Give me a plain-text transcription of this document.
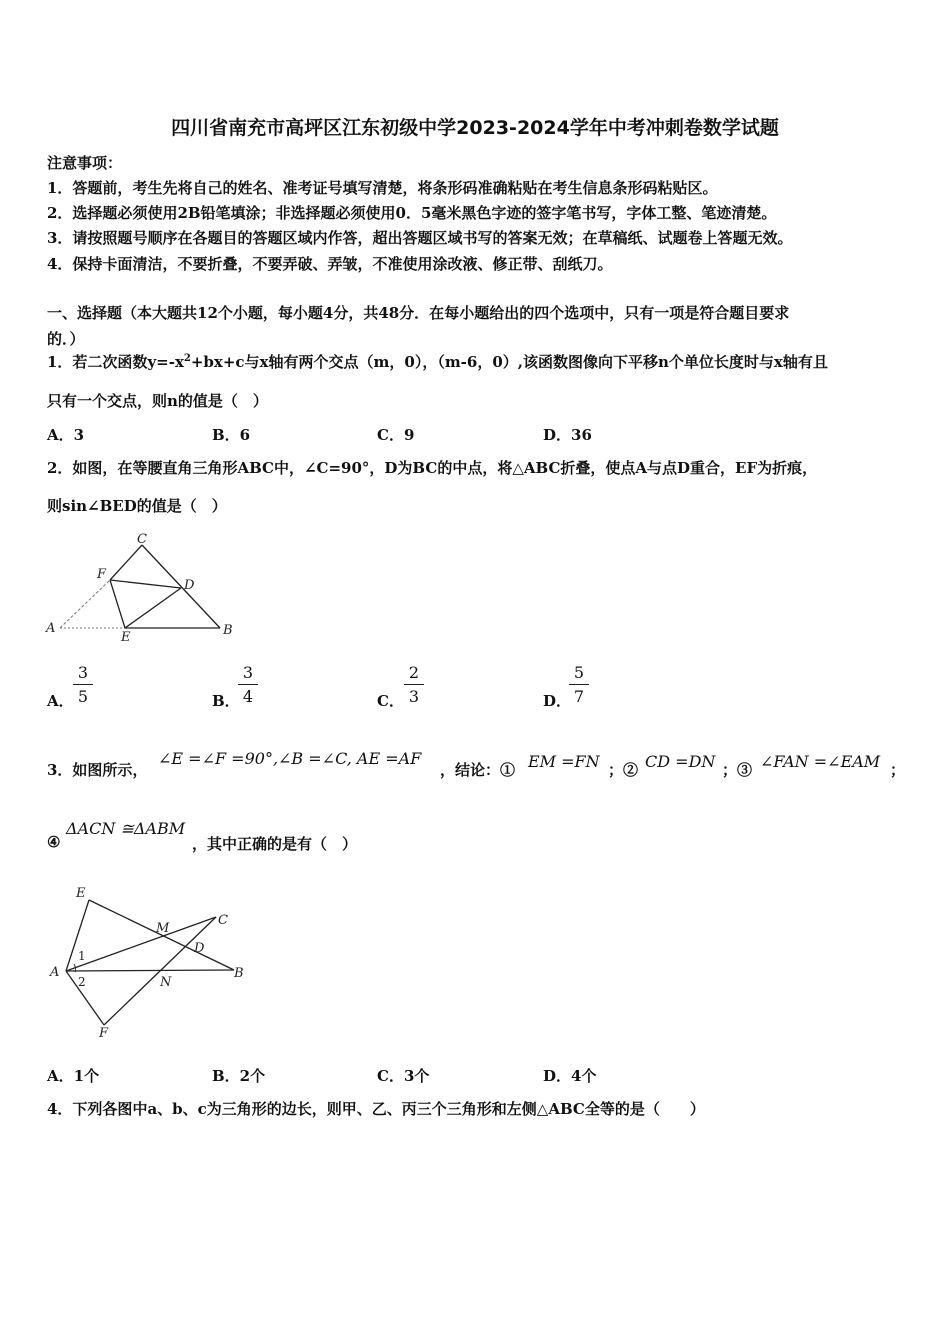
四川省南充市高坪区江东初级中学2023-2024学年中考冲刺卷数学试题
注意事项：
1．答题前，考生先将自己的姓名、准考证号填写清楚，将条形码准确粘贴在考生信息条形码粘贴区。
2．选择题必须使用2B铅笔填涂；非选择题必须使用0．5毫米黑色字迹的签字笔书写，字体工整、笔迹清楚。
3．请按照题号顺序在各题目的答题区域内作答，超出答题区域书写的答案无效；在草稿纸、试题卷上答题无效。
4．保持卡面清洁，不要折叠，不要弄破、弄皱，不准使用涂改液、修正带、刮纸刀。
一、选择题（本大题共12个小题，每小题4分，共48分．在每小题给出的四个选项中，只有一项是符合题目要求
的．）
1．若二次函数$y=-x^2+bx+c$与x轴有两个交点（m，0），（m-6，0）,该函数图像向下平移n个单位长度时与x轴有且
只有一个交点，则n的值是（　）
A．3	B．6	C．9	D．36
2．如图，在等腰直角三角形ABC中，∠C=90°，D为BC的中点，将△ABC折叠，使点A与点D重合，EF为折痕，
则sin∠BED的值是（　）
C
F
D
A
E	B
A． $\frac{3}{5}$	B．
$\frac{3}{4}$	C． $\frac{2}{3}$	D．
$\frac{5}{7}$
3．如图所示，
∠E =∠F =90°,∠B =∠C, AE =AF
，结论：① EM =FN ；② CD =DN ；③ ∠FAN =∠EAM ；
④
ΔACN ≅ΔABM
，其中正确的是有（　）
E
M
C
D
1
A
2	N
B
F
A．1个	B．2个	C．3个	D．4个
4．下列各图中a、b、c为三角形的边长，则甲、乙、丙三个三角形和左侧△ABC全等的是（　　）
